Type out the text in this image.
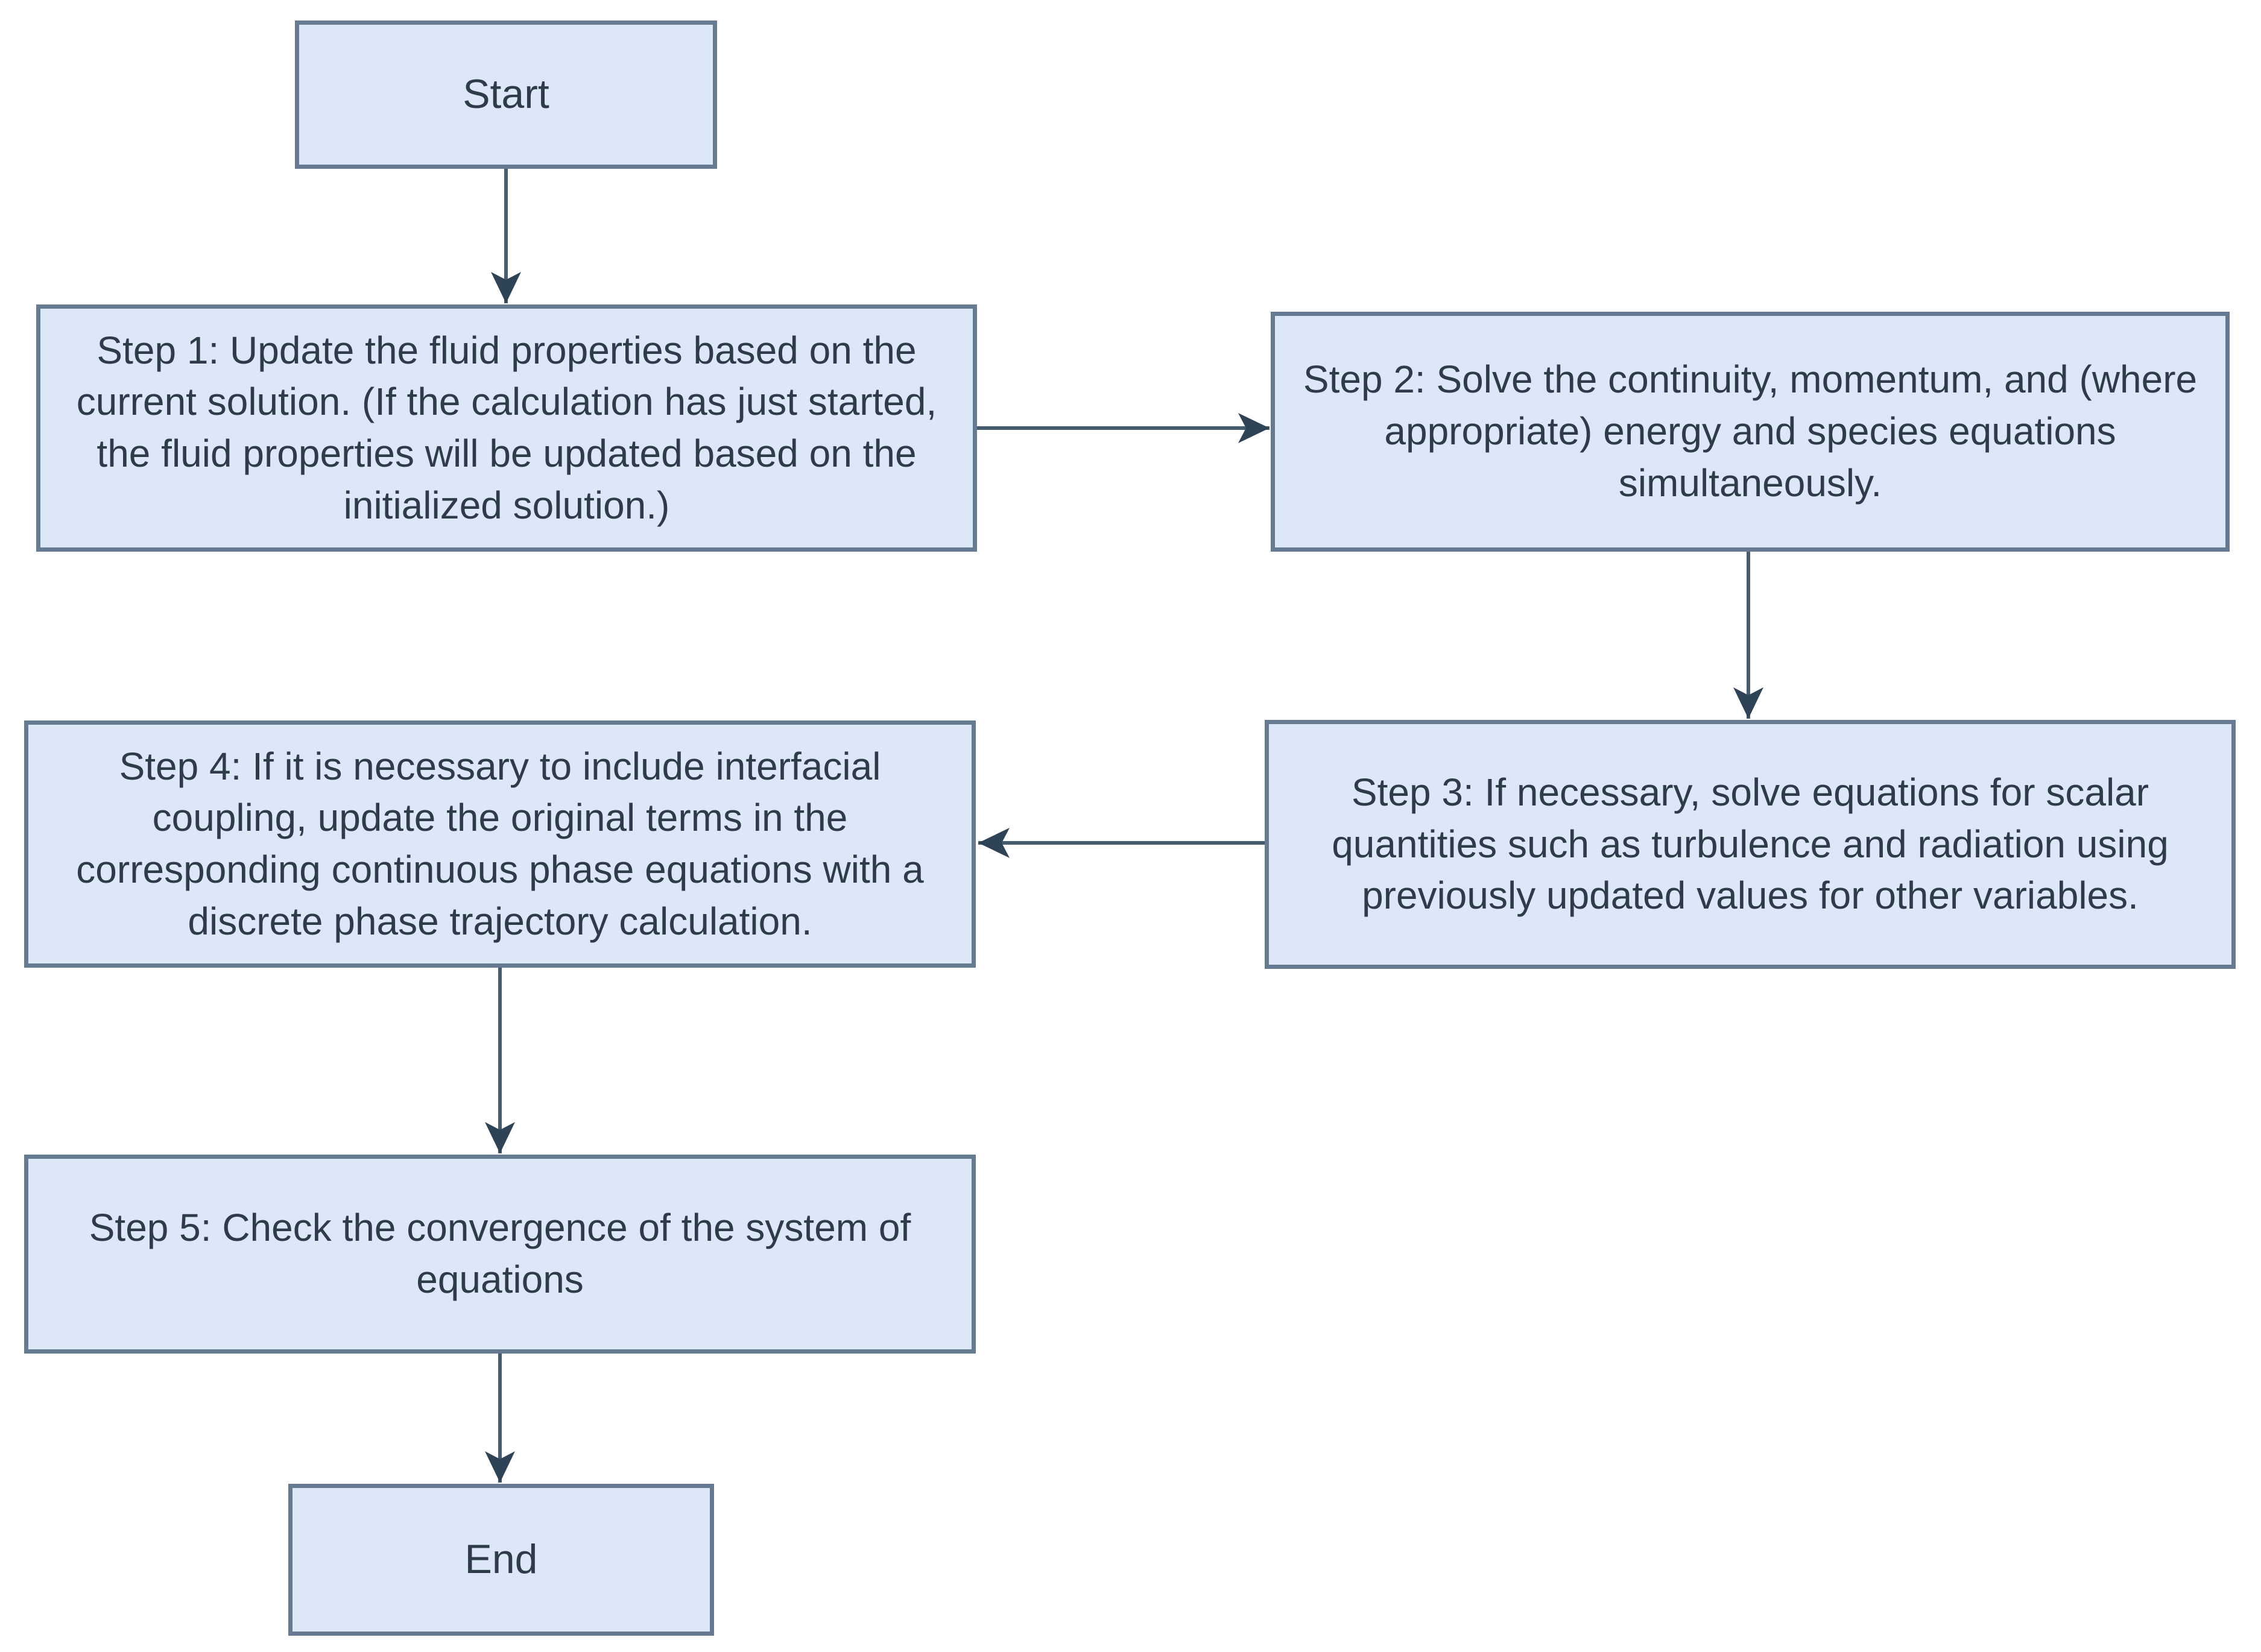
Start
Step 1: Update the fluid properties based on the current solution. (If the calculation has just started, the fluid properties will be updated based on the initialized solution.)
Step 2: Solve the continuity, momentum, and (where appropriate) energy and species equations simultaneously.
Step 3: If necessary, solve equations for scalar quantities such as turbulence and radiation using previously updated values for other variables.
Step 4: If it is necessary to include interfacial coupling, update the original terms in the corresponding continuous phase equations with a discrete phase trajectory calculation.
Step 5: Check the convergence of the system of equations
End
